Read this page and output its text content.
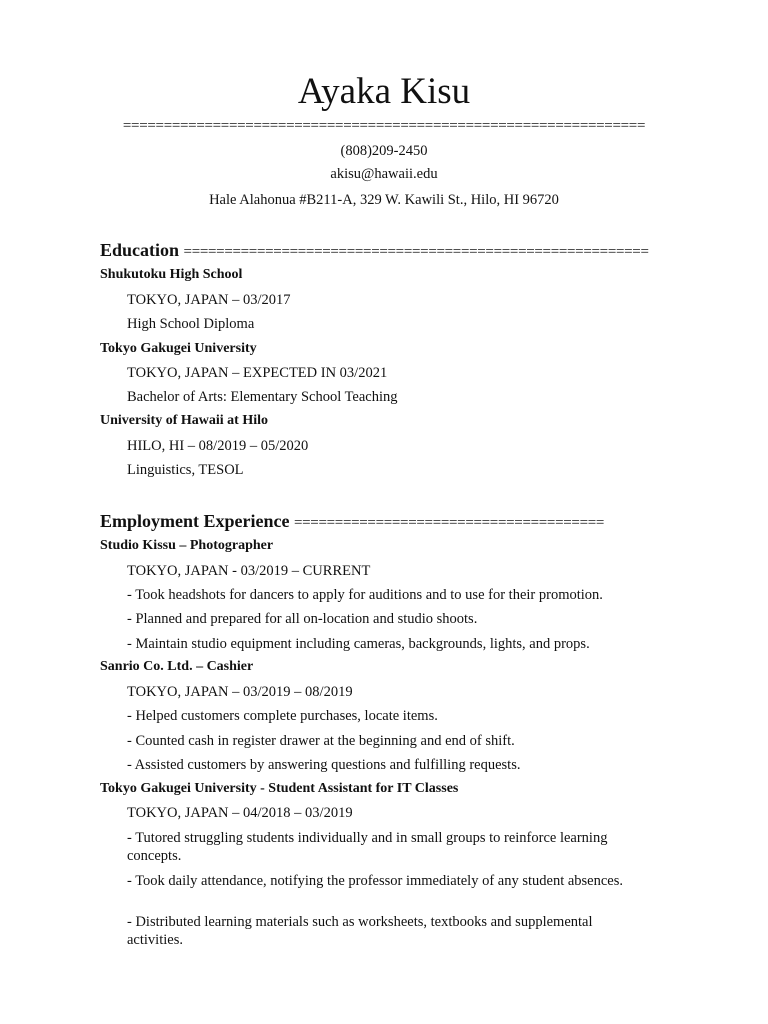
Ayaka Kisu
================================================================
(808)209-2450
akisu@hawaii.edu
Hale Alahonua #B211-A, 329 W. Kawili St., Hilo, HI 96720
Education =========================================================
Shukutoku High School
TOKYO, JAPAN – 03/2017
High School Diploma
Tokyo Gakugei University
TOKYO, JAPAN – EXPECTED IN 03/2021
Bachelor of Arts: Elementary School Teaching
University of Hawaii at Hilo
HILO, HI – 08/2019 – 05/2020
Linguistics, TESOL
Employment Experience ======================================
Studio Kissu – Photographer
TOKYO, JAPAN - 03/2019 – CURRENT
- Took headshots for dancers to apply for auditions and to use for their promotion.
- Planned and prepared for all on-location and studio shoots.
- Maintain studio equipment including cameras, backgrounds, lights, and props.
Sanrio Co. Ltd. – Cashier
TOKYO, JAPAN – 03/2019 – 08/2019
- Helped customers complete purchases, locate items.
- Counted cash in register drawer at the beginning and end of shift.
- Assisted customers by answering questions and fulfilling requests.
Tokyo Gakugei University - Student Assistant for IT Classes
TOKYO, JAPAN – 04/2018 – 03/2019
- Tutored struggling students individually and in small groups to reinforce learning concepts.
- Took daily attendance, notifying the professor immediately of any student absences.
- Distributed learning materials such as worksheets, textbooks and supplemental activities.
